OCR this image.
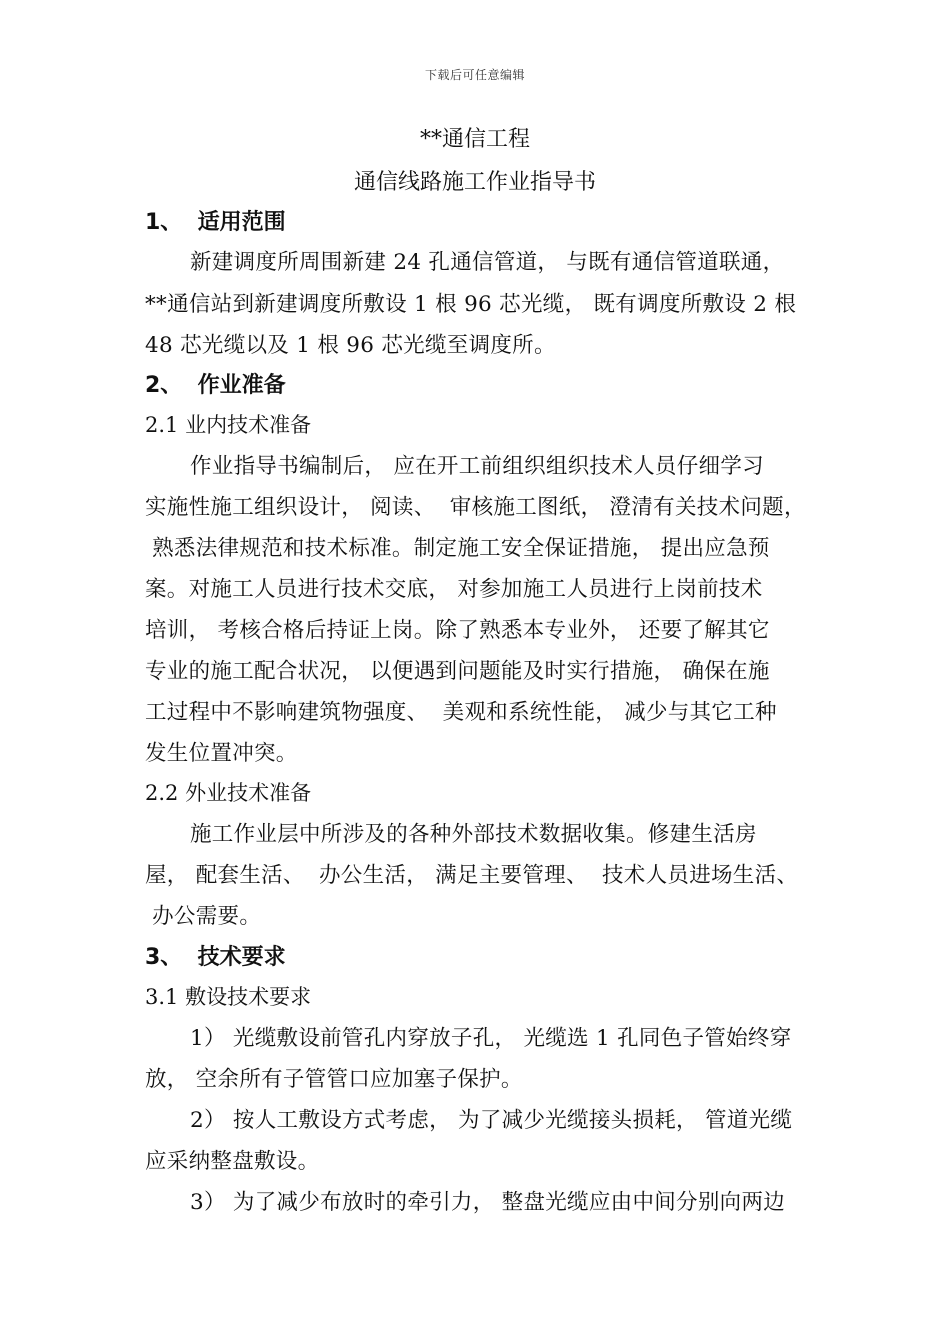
下载后可任意编辑
**通信工程
通信线路施工作业指导书
1、  适用范围
新建调度所周围新建 24 孔通信管道， 与既有通信管道联通，
**通信站到新建调度所敷设 1 根 96 芯光缆， 既有调度所敷设 2 根
48 芯光缆以及 1 根 96 芯光缆至调度所。
2、  作业准备
2.1 业内技术准备
作业指导书编制后， 应在开工前组织组织技术人员仔细学习
实施性施工组织设计， 阅读、  审核施工图纸， 澄清有关技术问题，
熟悉法律规范和技术标准。制定施工安全保证措施， 提出应急预
案。对施工人员进行技术交底， 对参加施工人员进行上岗前技术
培训， 考核合格后持证上岗。除了熟悉本专业外， 还要了解其它
专业的施工配合状况， 以便遇到问题能及时实行措施， 确保在施
工过程中不影响建筑物强度、  美观和系统性能， 减少与其它工种
发生位置冲突。
2.2 外业技术准备
施工作业层中所涉及的各种外部技术数据收集。修建生活房
屋， 配套生活、  办公生活， 满足主要管理、  技术人员进场生活、
办公需要。
3、  技术要求
3.1 敷设技术要求
1） 光缆敷设前管孔内穿放子孔， 光缆选 1 孔同色子管始终穿
放， 空余所有子管管口应加塞子保护。
2） 按人工敷设方式考虑， 为了减少光缆接头损耗， 管道光缆
应采纳整盘敷设。
3） 为了减少布放时的牵引力， 整盘光缆应由中间分别向两边
